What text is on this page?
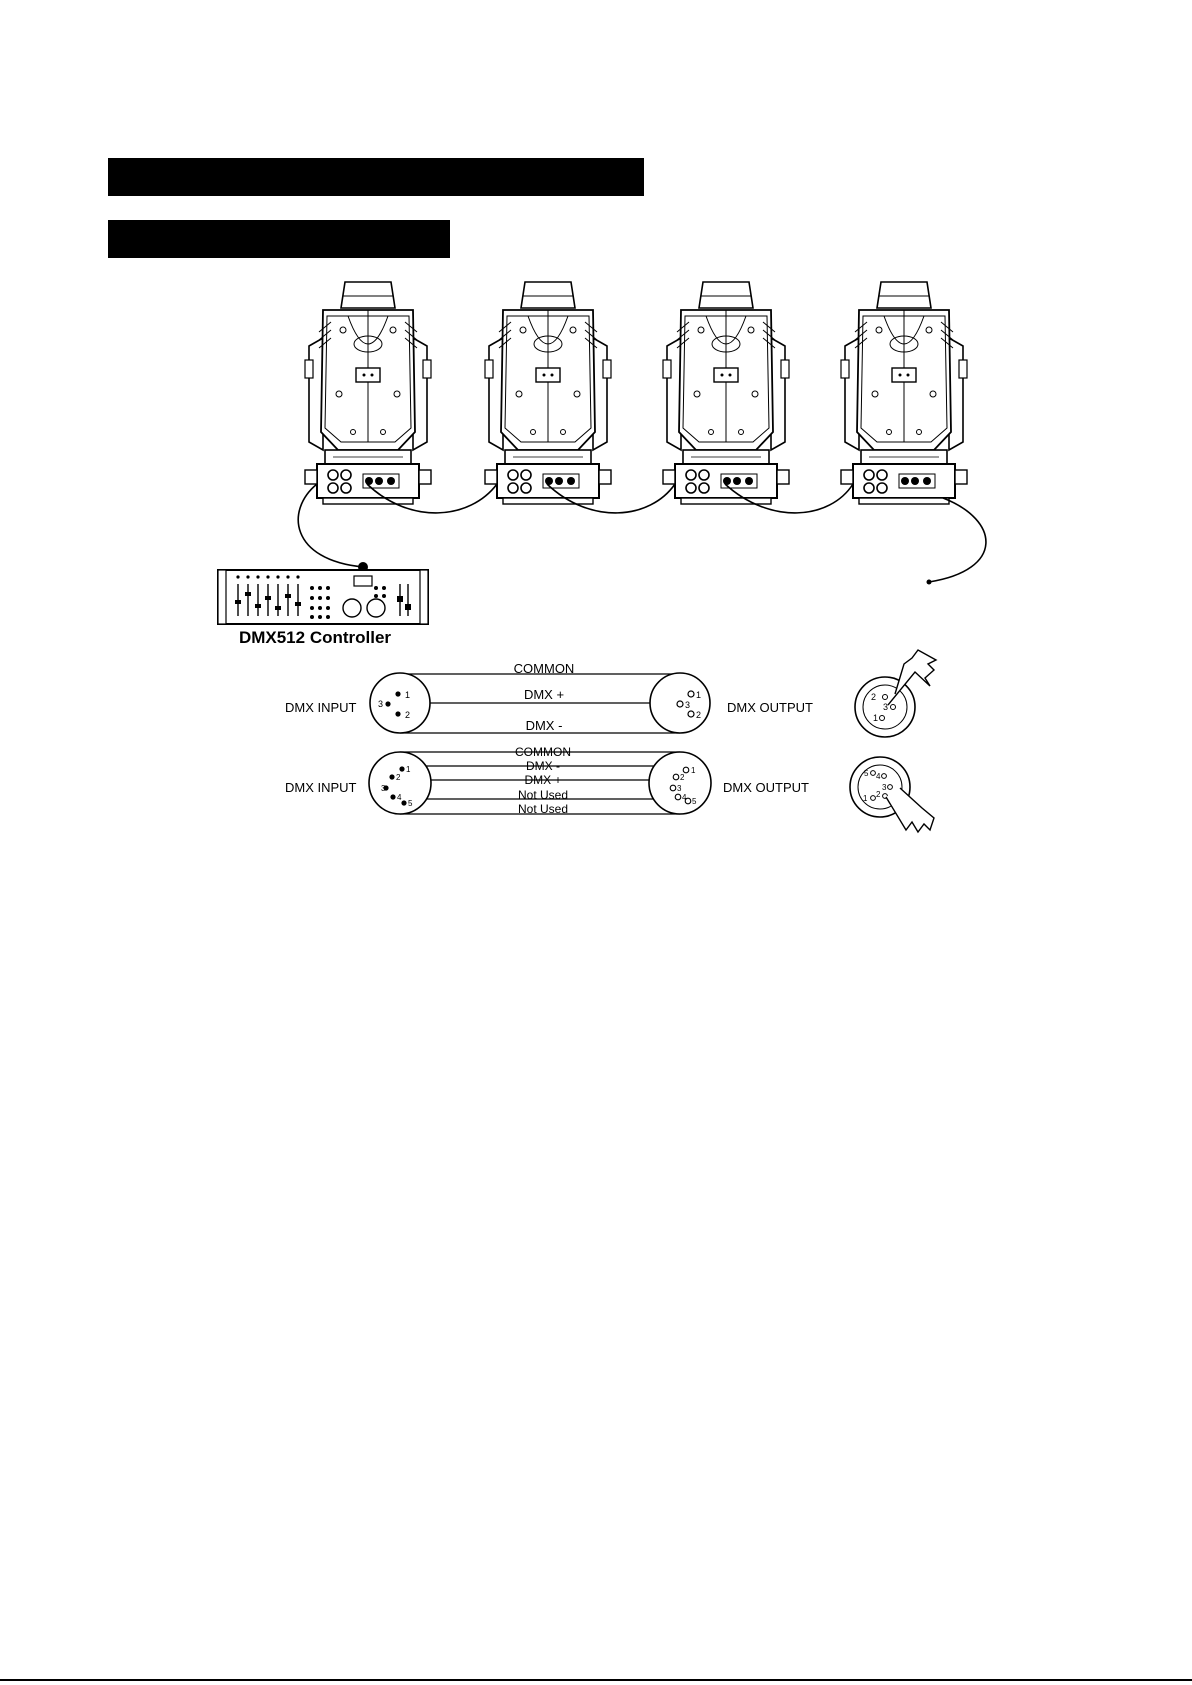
DMX512 Controller
1
3
2
1
3
2
COMMON
DMX +
DMX -
DMX INPUT	DMX OUTPUT
2
3
1
1
2
3
4
5
1
2
3
4 5
COMMON
DMX -
DMX +
Not Used
Not Used
DMX INPUT	DMX OUTPUT
5 4
3
1 2
